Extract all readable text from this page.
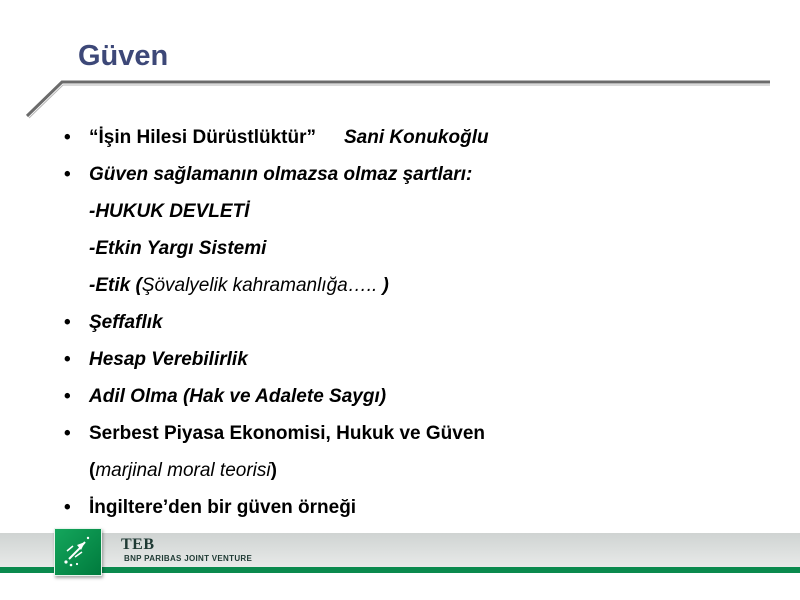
Güven
• “İşin Hilesi Dürüstlüktür” Sani Konukoğlu
• Güven sağlamanın olmazsa olmaz şartları:
-HUKUK DEVLETİ
-Etkin Yargı Sistemi
-Etik (Şövalyelik kahramanlığa….. )
• Şeffaflık
• Hesap Verebilirlik
• Adil Olma (Hak ve Adalete Saygı)
• Serbest Piyasa Ekonomisi, Hukuk ve Güven
(marjinal moral teorisi)
• İngiltere’den bir güven örneği
TEB
BNP PARIBAS JOINT VENTURE
